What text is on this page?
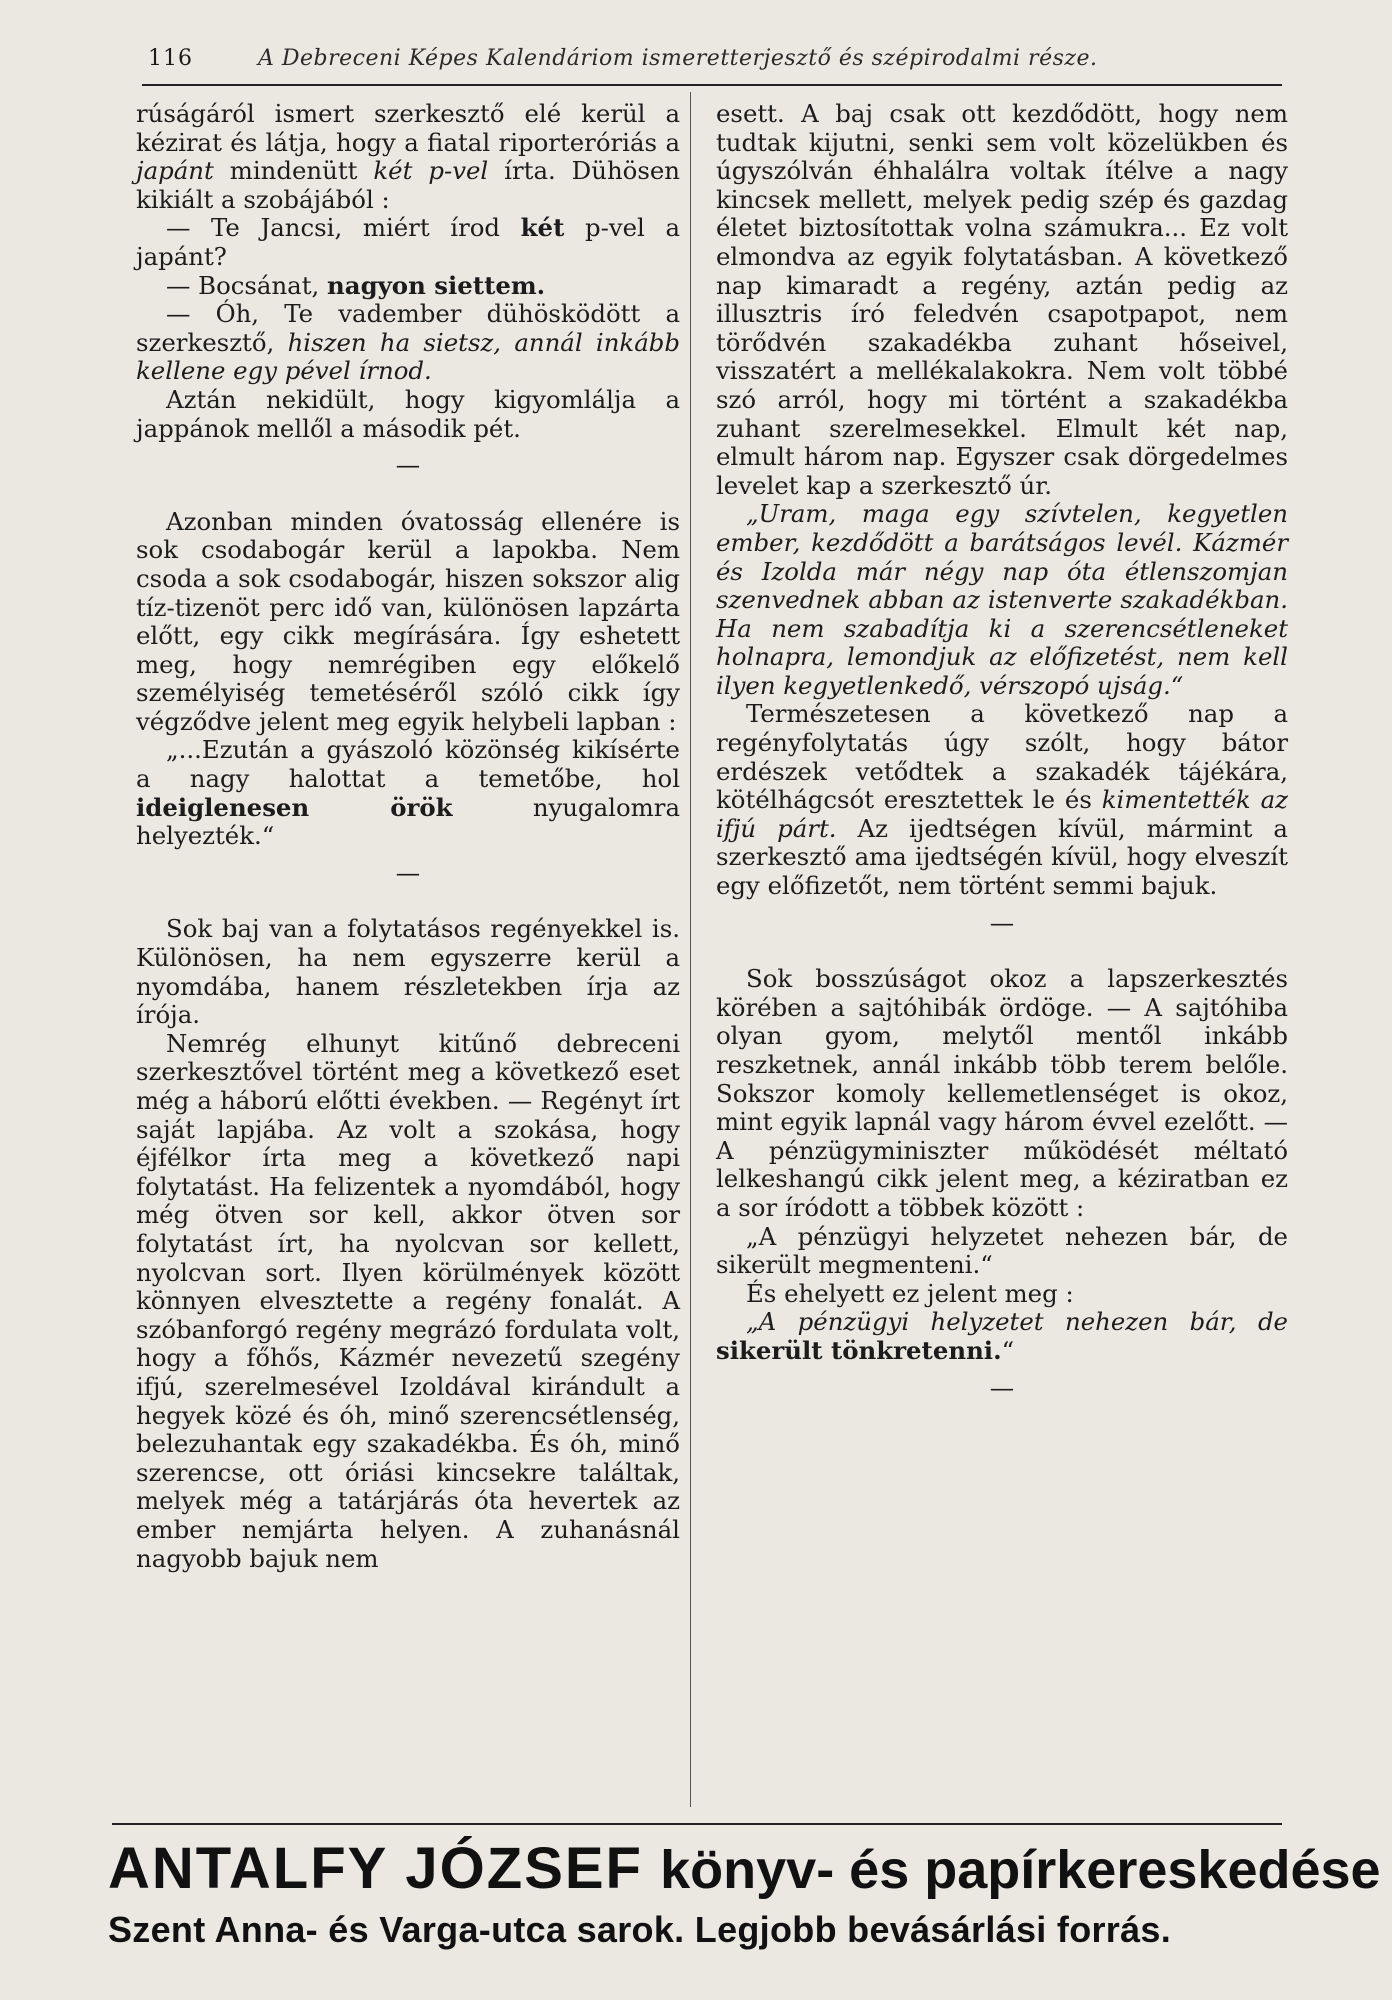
116	A Debreceni Képes Kalendáriom ismeretterjesztő és szépirodalmi része.

rúságáról ismert szerkesztő elé kerül a kézirat és látja, hogy a fiatal riporteróriás a japánt mindenütt két p-vel írta. Dühösen kikiált a szobájából :

— Te Jancsi, miért írod két p-vel a japánt?

— Bocsánat, nagyon siettem.

— Óh, Te vadember dühösködött a szerkesztő, hiszen ha sietsz, annál inkább kellene egy pével írnod.

Aztán nekidült, hogy kigyomlálja a jappánok mellől a második pét.

—

Azonban minden óvatosság ellenére is sok csodabogár kerül a lapokba. Nem csoda a sok csodabogár, hiszen sokszor alig tíz-tizenöt perc idő van, különösen lapzárta előtt, egy cikk megírására. Így eshetett meg, hogy nemrégiben egy előkelő személyiség temetéséről szóló cikk így végződve jelent meg egyik helybeli lapban :

„...Ezután a gyászoló közönség kikísérte a nagy halottat a temetőbe, hol ideiglenesen örök nyugalomra helyezték.“

—

Sok baj van a folytatásos regényekkel is. Különösen, ha nem egyszerre kerül a nyomdába, hanem részletekben írja az írója.

Nemrég elhunyt kitűnő debreceni szerkesztővel történt meg a következő eset még a háború előtti években. — Regényt írt saját lapjába. Az volt a szokása, hogy éjfélkor írta meg a következő napi folytatást. Ha felizentek a nyomdából, hogy még ötven sor kell, akkor ötven sor folytatást írt, ha nyolcvan sor kellett, nyolcvan sort. Ilyen körülmények között könnyen elvesztette a regény fonalát. A szóbanforgó regény megrázó fordulata volt, hogy a főhős, Kázmér nevezetű szegény ifjú, szerelmesével Izoldával kirándult a hegyek közé és óh, minő szerencsétlenség, belezuhantak egy szakadékba. És óh, minő szerencse, ott óriási kincsekre találtak, melyek még a tatárjárás óta hevertek az ember nemjárta helyen. A zuhanásnál nagyobb bajuk nem

esett. A baj csak ott kezdődött, hogy nem tudtak kijutni, senki sem volt közelükben és úgyszólván éhhalálra voltak ítélve a nagy kincsek mellett, melyek pedig szép és gazdag életet biztosítottak volna számukra... Ez volt elmondva az egyik folytatásban. A következő nap kimaradt a regény, aztán pedig az illusztris író feledvén csapotpapot, nem törődvén szakadékba zuhant hőseivel, visszatért a mellékalakokra. Nem volt többé szó arról, hogy mi történt a szakadékba zuhant szerelmesekkel. Elmult két nap, elmult három nap. Egyszer csak dörgedelmes levelet kap a szerkesztő úr.

„Uram, maga egy szívtelen, kegyetlen ember, kezdődött a barátságos levél. Kázmér és Izolda már négy nap óta étlenszomjan szenvednek abban az istenverte szakadékban. Ha nem szabadítja ki a szerencsétleneket holnapra, lemondjuk az előfizetést, nem kell ilyen kegyetlenkedő, vérszopó ujság.“

Természetesen a következő nap a regényfolytatás úgy szólt, hogy bátor erdészek vetődtek a szakadék tájékára, kötélhágcsót eresztettek le és kimentették az ifjú párt. Az ijedtségen kívül, mármint a szerkesztő ama ijedtségén kívül, hogy elveszít egy előfizetőt, nem történt semmi bajuk.

—

Sok bosszúságot okoz a lapszerkesztés körében a sajtóhibák ördöge. — A sajtóhiba olyan gyom, melytől mentől inkább reszketnek, annál inkább több terem belőle. Sokszor komoly kellemetlenséget is okoz, mint egyik lapnál vagy három évvel ezelőtt. — A pénzügyminiszter működését méltató lelkeshangú cikk jelent meg, a kéziratban ez a sor íródott a többek között :

„A pénzügyi helyzetet nehezen bár, de sikerült megmenteni.“

És ehelyett ez jelent meg :

„A pénzügyi helyzetet nehezen bár, de sikerült tönkretenni.“

—

ANTALFY JÓZSEF könyv- és papírkereskedése
Szent Anna- és Varga-utca sarok. Legjobb bevásárlási forrás.
